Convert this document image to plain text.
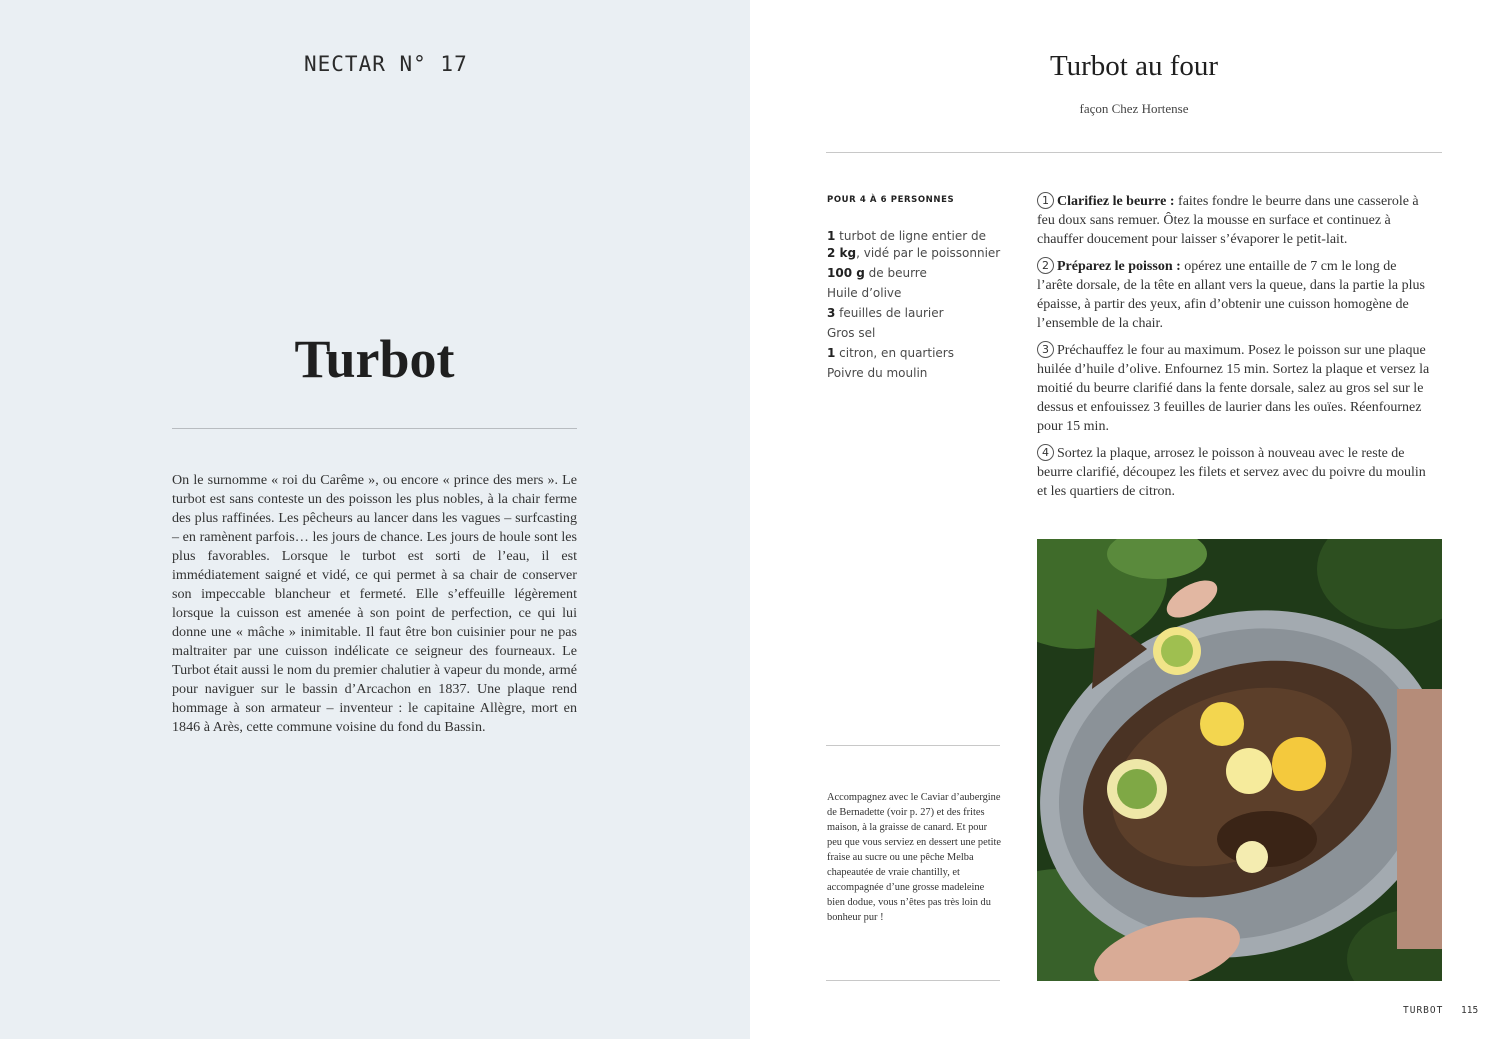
NECTAR N° 17
Turbot
On le surnomme « roi du Carême », ou encore « prince des mers ». Le turbot est sans conteste un des poisson les plus nobles, à la chair ferme des plus raffinées. Les pêcheurs au lancer dans les vagues – surfcasting – en ramènent parfois… les jours de chance. Les jours de houle sont les plus favorables. Lorsque le turbot est sorti de l’eau, il est immédiatement saigné et vidé, ce qui permet à sa chair de conserver son impeccable blancheur et fermeté. Elle s’effeuille légèrement lorsque la cuisson est amenée à son point de perfection, ce qui lui donne une « mâche » inimitable. Il faut être bon cuisinier pour ne pas maltraiter par une cuisson indélicate ce seigneur des fourneaux. Le Turbot était aussi le nom du premier chalutier à vapeur du monde, armé pour naviguer sur le bassin d’Arcachon en 1837. Une plaque rend hommage à son armateur – inventeur : le capitaine Allègre, mort en 1846 à Arès, cette commune voisine du fond du Bassin.
Turbot au four
façon Chez Hortense
POUR 4 À 6 PERSONNES
1 turbot de ligne entier de
2 kg, vidé par le poissonnier
100 g de beurre
Huile d’olive
3 feuilles de laurier
Gros sel
1 citron, en quartiers
Poivre du moulin
1 Clarifiez le beurre : faites fondre le beurre dans une casserole à feu doux sans remuer. Ôtez la mousse en surface et continuez à chauffer doucement pour laisser s’évaporer le petit-lait.
2 Préparez le poisson : opérez une entaille de 7 cm le long de l’arête dorsale, de la tête en allant vers la queue, dans la partie la plus épaisse, à partir des yeux, afin d’obtenir une cuisson homogène de l’ensemble de la chair.
3 Préchauffez le four au maximum. Posez le poisson sur une plaque huilée d’huile d’olive. Enfournez 15 min. Sortez la plaque et versez la moitié du beurre clarifié dans la fente dorsale, salez au gros sel sur le dessus et enfouissez 3 feuilles de laurier dans les ouïes. Réenfournez pour 15 min.
4 Sortez la plaque, arrosez le poisson à nouveau avec le reste de beurre clarifié, découpez les filets et servez avec du poivre du moulin et les quartiers de citron.
Accompagnez avec le Caviar d’aubergine de Bernadette (voir p. 27) et des frites maison, à la graisse de canard. Et pour peu que vous serviez en dessert une petite fraise au sucre ou une pêche Melba chapeautée de vraie chantilly, et accompagnée d’une grosse madeleine bien dodue, vous n’êtes pas très loin du bonheur pur !
TURBOT 115
